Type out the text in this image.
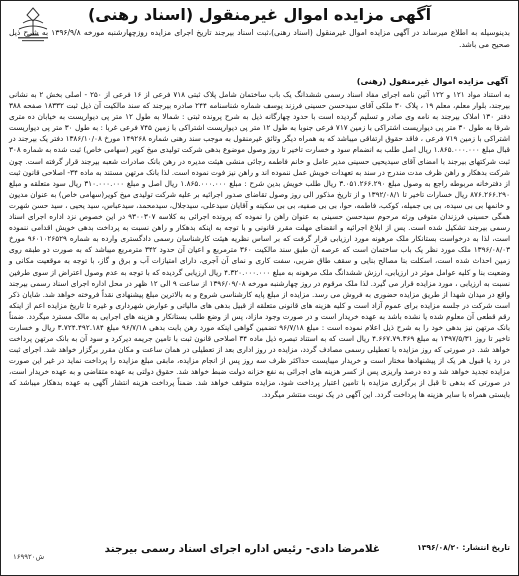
آگهی مزایده اموال غیرمنقول (اسناد رهنی)
بدینوسیله به اطلاع میرساند در آگهی مزایده اموال غیرمنقول (اسناد رهنی)،ثبت اسناد بیرجند تاریخ اجرای مزایده روزچهارشنبه مورخه ۱۳۹۶/۹/۸ به شرح ذیل صحیح می باشد.
آگهی مزایده اموال غیرمنقول (رهنی)
به استناد مواد ۱۲۱ و ۱۲۲ آئین نامه اجرای مفاد اسناد رسمی ششدانگ یک باب ساختمان شامل پلاک ثبتی ۷۱۸ فرعی از ۱۶ فرعی از ۲۵۰ - اصلی بخش ۲ به نشانی بیرجند، بلوار معلم، معلم ۱۹ ، پلاک ۳۰ ملکی آقای سیدحسن حسینی فرزند یوسف شماره شناسنامه ۲۴۴ صادره بیرجند که سند مالکیت آن ذیل ثبت ۱۸۳۳۲ صفحه ۳۸۸ دفتر ۱۳۰ املاک بیرجند به نامه وی صادر و تسلیم گردیده است با حدود چهارگانه ذیل به شرح پرونده ثبتی : شمالا به طول ۱۲ متر پی دیواریست به خیابان ده متری شرقا به طول ۳۰ متر پی دیواریست اشتراکی با زمین ۷۱۷ فرعی جنوبا به طول ۱۲ متر پی دیواریست اشتراکی با زمین ۷۴۵ فرعی غربا : به طول ۳۰ متر پی دیواریست اشتراکی با زمین ۷۱۹ فرعی ، فاقد حقوق ارتفاقی میباشد که به همراه دیگر وثائق غیرمنقول به موجب سند رهنی شماره ۱۴۹۲۶۸ مورخ ۱۳۸۶/۱۰/۰۸ دفتر یک بیرجند در قبال مبلغ ۱.۸۶۵.۰۰۰.۰۰۰ ریال اصل طلب به انضمام سود و خسارت تاخیر تا روز وصول موضوع بدهی شرکت تولیدی میخ کویر (سهامی خاص) ثبت شده به شماره ۳۰۸ ثبت شرکتهای بیرجند با امضای آقای سیدیحیی حسینی مدیر عامل و خانم فاطمه رجائی منشی هیئت مدیره در رهن بانک صادرات شعبه بیرجند قرار گرفته است. چون شرکت بدهکار و راهن ظرف مدت مندرج در سند به تعهدات خویش عمل ننموده اند و راهن نیز فوت نموده است. لذا بانک مرتهن مستند به ماده ۳۴- اصلاحی قانون ثبت از دفترخانه مربوطه راجع به وصول مبلغ ۳.۰۵۱.۲۶۶.۲۹۰ ریال طلب خویش بدین شرح : مبلغ ۱.۸۶۵.۰۰۰.۰۰۰ ریال اصل و مبلغ ۳۱۰.۰۰۰.۰۰۰ ریال سود متعلقه و مبلغ ۸۷۶.۲۶۶.۲۹۰ ریال خسارات تاخیر تا ۱۳۹۲/۰۸/۱ و از تاریخ مذکور الی روز وصول تقاضای صدور اجرائیه بر علیه شرکت تولیدی میخ کویر(سهامی خاص) به عنوان مدیون و خانمها بی بی سیده، بی بی جمیله، کوکب، فاطمه، حوا، بی بی صفیه، بی بی سکینه و آقایان سیدعلی، سیدجلال، سیدمحمد، سیدعباس، سید یحیی ، سید حسن شهرت همگی حسینی فرزندان متوفی ورثه مرحوم سیدحسن حسینی به عنوان راهن را نموده که پرونده اجرائی به کلاسه ۹۳۰۰۳۰۷ در این خصوص نزد اداره اجرای اسناد رسمی بیرجند تشکیل شده است. پس از ابلاغ اجرائیه و انقضای مهلت مقرر قانونی و با توجه به اینکه بدهکار و راهن نسبت به پرداخت بدهی خویش اقدامی ننموده است، لذا به درخواست بستانکار ملک مرهونه مورد ارزیابی قرار گرفت که بر اساس نظریه هیئت کارشناسان رسمی دادگستری وارده به شماره ۹۶۰۱۰۲۶۵۲۹ مورخ ۱۳۹۶/۰۸/۰۳ ملک مورد نظر یک باب ساختمان است که عرصه آن طبق سند مالکیت ۳۶۰ مترمربع و اعیان آن حدود ۳۴۲ مترمربع میباشد که به صورت دو طبقه روی زمین احداث شده است، اسکلت بنا مصالح بنایی و سقف طاق ضربی، سفت کاری و نمای آن آجری، دارای امتیازات آب و برق و گاز، با توجه به موقعیت مکانی و وضعیت بنا و کلیه عوامل موثر در ارزیابی، ارزش ششدانگ ملک مرهونه به مبلغ ۴.۳۲۰.۰۰۰.۰۰۰ ریال ارزیابی گردیده که با توجه به عدم وصول اعتراض از سوی طرفین نسبت به ارزیابی ، مورد مزایده قرار می گیرد. لذا ملک مرقوم در روز چهارشنبه مورخه ۱۳۹۶/۰۹/۰۸ از ساعت ۹ الی ۱۲ ظهر در محل اداره اجرای اسناد رسمی بیرجند واقع در میدان شهدا از طریق مزایده حضوری به فروش می رسد. مزایده از مبلغ پایه کارشناسی شروع و به بالاترین مبلغ پیشنهادی نقداً فروخته خواهد شد. شایان ذکر است شرکت در جلسه مزایده برای عموم آزاد است و کلیه هزینه های قانونی متعلقه از قبیل بدهی های مالیاتی و عوارض شهرداری و غیره تا تاریخ مزایده اعم از اینکه رقم قطعی آن معلوم شده یا نشده باشد به عهده خریدار است و در صورت وجود مازاد، پس از وضع طلب بستانکار و هزینه های اجرایی به مالک مسترد میگردد. ضمناً بانک مرتهن نیز بدهی خود را به شرح ذیل اعلام نموده است : مبلغ ۹۶/۷/۱۸ تضمین گواهی اینکه مورد رهن بابت بدهی ۹۶/۷/۱۸ مبلغ ۳.۷۲۴.۴۹۲.۱۸۴ ریال و خسارت تاخیر تا روز ۱۳۹۷/۵/۳۱ به مبلغ ۴.۶۶۷.۷۹.۳۶۹ ریال است که به استناد تبصره ذیل ماده ۳۴ اصلاحی قانون ثبت با تامین جریمه دیرکرد و سود آن به بانک مرتهن پرداخت خواهد شد. در صورتی که روز مزایده با تعطیلی رسمی مصادف گردد، مزایده در روز اداری بعد از تعطیلی در همان ساعت و مکان مقرر برگزار خواهد شد. اجرای ثبت در رد یا قبول هر یک از پیشنهادها مختار است و خریدار میبایست حداکثر ظرف سه روز پس از انجام مزایده، مابقی مبلغ مزایده را پرداخت نماید در غیر این صورت مزایده تجدید خواهد شد و ده درصد واریزی پس از کسر هزینه های اجرائی به نفع خزانه دولت ضبط خواهد شد. حقوق دولتی به عهده متقاضی و به عهده خریدار است، در صورتی که بدهی تا قبل از برگزاری مزایده با تامین اعتبار پرداخت شود، مزایده متوقف خواهد شد. ضمناً پرداخت هزینه انتشار آگهی به عهده بدهکار میباشد که بایستی همراه با سایر هزینه ها پرداخت گردد. این آگهی در یک نوبت منتشر میگردد.
تاریخ انتشار: ۱۳۹۶/۰۸/۲۰
غلامرضا دادی- رئیس اداره اجرای اسناد رسمی بیرجند
ش۱۶۹۹۲۰
